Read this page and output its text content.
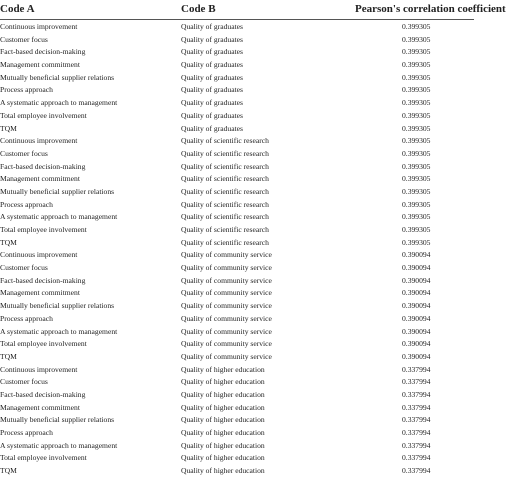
Code A	Code B	Pearson's correlation coefficient
Continuous improvement	Quality of graduates	0.399305
Customer focus	Quality of graduates	0.399305
Fact-based decision-making	Quality of graduates	0.399305
Management commitment	Quality of graduates	0.399305
Mutually beneficial supplier relations	Quality of graduates	0.399305
Process approach	Quality of graduates	0.399305
A systematic approach to management	Quality of graduates	0.399305
Total employee involvement	Quality of graduates	0.399305
TQM	Quality of graduates	0.399305
Continuous improvement	Quality of scientific research	0.399305
Customer focus	Quality of scientific research	0.399305
Fact-based decision-making	Quality of scientific research	0.399305
Management commitment	Quality of scientific research	0.399305
Mutually beneficial supplier relations	Quality of scientific research	0.399305
Process approach	Quality of scientific research	0.399305
A systematic approach to management	Quality of scientific research	0.399305
Total employee involvement	Quality of scientific research	0.399305
TQM	Quality of scientific research	0.399305
Continuous improvement	Quality of community service	0.390094
Customer focus	Quality of community service	0.390094
Fact-based decision-making	Quality of community service	0.390094
Management commitment	Quality of community service	0.390094
Mutually beneficial supplier relations	Quality of community service	0.390094
Process approach	Quality of community service	0.390094
A systematic approach to management	Quality of community service	0.390094
Total employee involvement	Quality of community service	0.390094
TQM	Quality of community service	0.390094
Continuous improvement	Quality of higher education	0.337994
Customer focus	Quality of higher education	0.337994
Fact-based decision-making	Quality of higher education	0.337994
Management commitment	Quality of higher education	0.337994
Mutually beneficial supplier relations	Quality of higher education	0.337994
Process approach	Quality of higher education	0.337994
A systematic approach to management	Quality of higher education	0.337994
Total employee involvement	Quality of higher education	0.337994
TQM	Quality of higher education	0.337994
